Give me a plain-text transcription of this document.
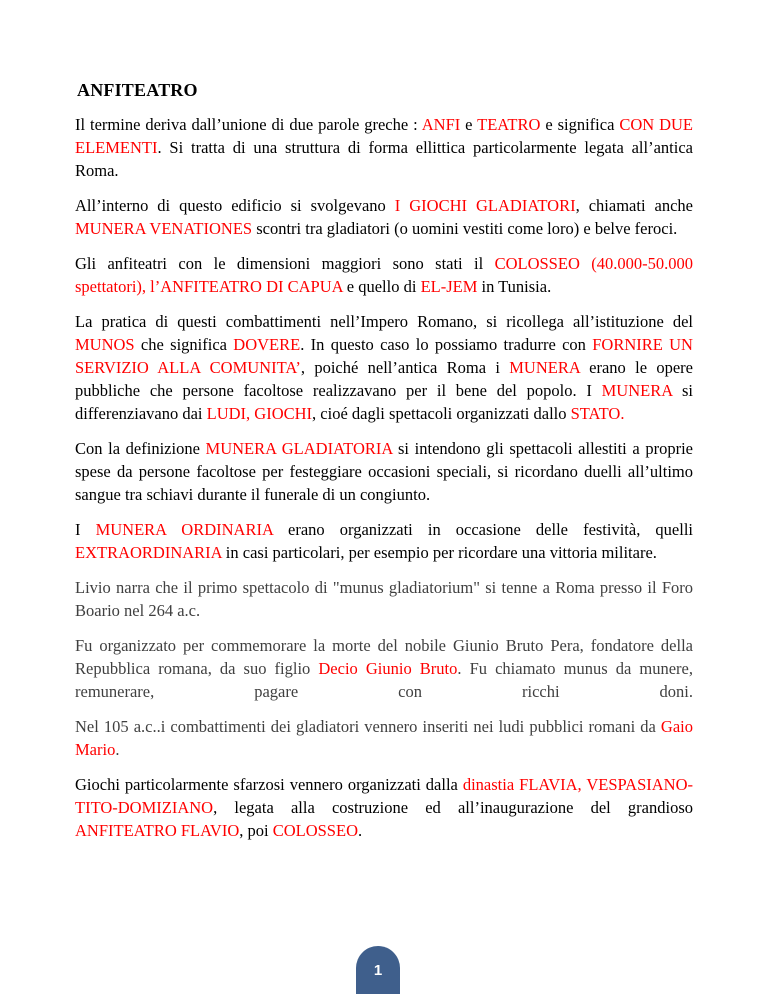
ANFITEATRO

Il termine deriva dall’unione di due parole greche : ANFI e TEATRO e significa CON DUE ELEMENTI. Si tratta di una struttura di forma ellittica particolarmente legata all’antica Roma.

All’interno di questo edificio si svolgevano I GIOCHI GLADIATORI, chiamati anche MUNERA VENATIONES scontri tra gladiatori (o uomini vestiti come loro) e belve feroci.

Gli anfiteatri con le dimensioni maggiori sono stati il COLOSSEO (40.000-50.000 spettatori), l’ANFITEATRO DI CAPUA e quello di EL-JEM in Tunisia.

La pratica di questi combattimenti nell’Impero Romano, si ricollega all’istituzione del MUNOS che significa DOVERE. In questo caso lo possiamo tradurre con FORNIRE UN SERVIZIO ALLA COMUNITA’, poiché nell’antica Roma i MUNERA erano le opere pubbliche che persone facoltose realizzavano per il bene del popolo. I MUNERA si differenziavano dai LUDI, GIOCHI, cioé dagli spettacoli organizzati dallo STATO.

Con la definizione MUNERA GLADIATORIA si intendono gli spettacoli allestiti a proprie spese da persone facoltose per festeggiare occasioni speciali, si ricordano duelli all’ultimo sangue tra schiavi durante il funerale di un congiunto.

I MUNERA ORDINARIA erano organizzati in occasione delle festività, quelli EXTRAORDINARIA in casi particolari, per esempio per ricordare una vittoria militare.

Livio narra che il primo spettacolo di "munus gladiatorium" si tenne a Roma presso il Foro Boario nel 264 a.c.

Fu organizzato per commemorare la morte del nobile Giunio Bruto Pera, fondatore della Repubblica romana, da suo figlio Decio Giunio Bruto. Fu chiamato munus da munere, remunerare, pagare con ricchi doni.

Nel 105 a.c..i combattimenti dei gladiatori vennero inseriti nei ludi pubblici romani da Gaio Mario.

Giochi particolarmente sfarzosi vennero organizzati dalla dinastia FLAVIA, VESPASIANO-TITO-DOMIZIANO, legata alla costruzione ed all’inaugurazione del grandioso ANFITEATRO FLAVIO, poi COLOSSEO.

1
